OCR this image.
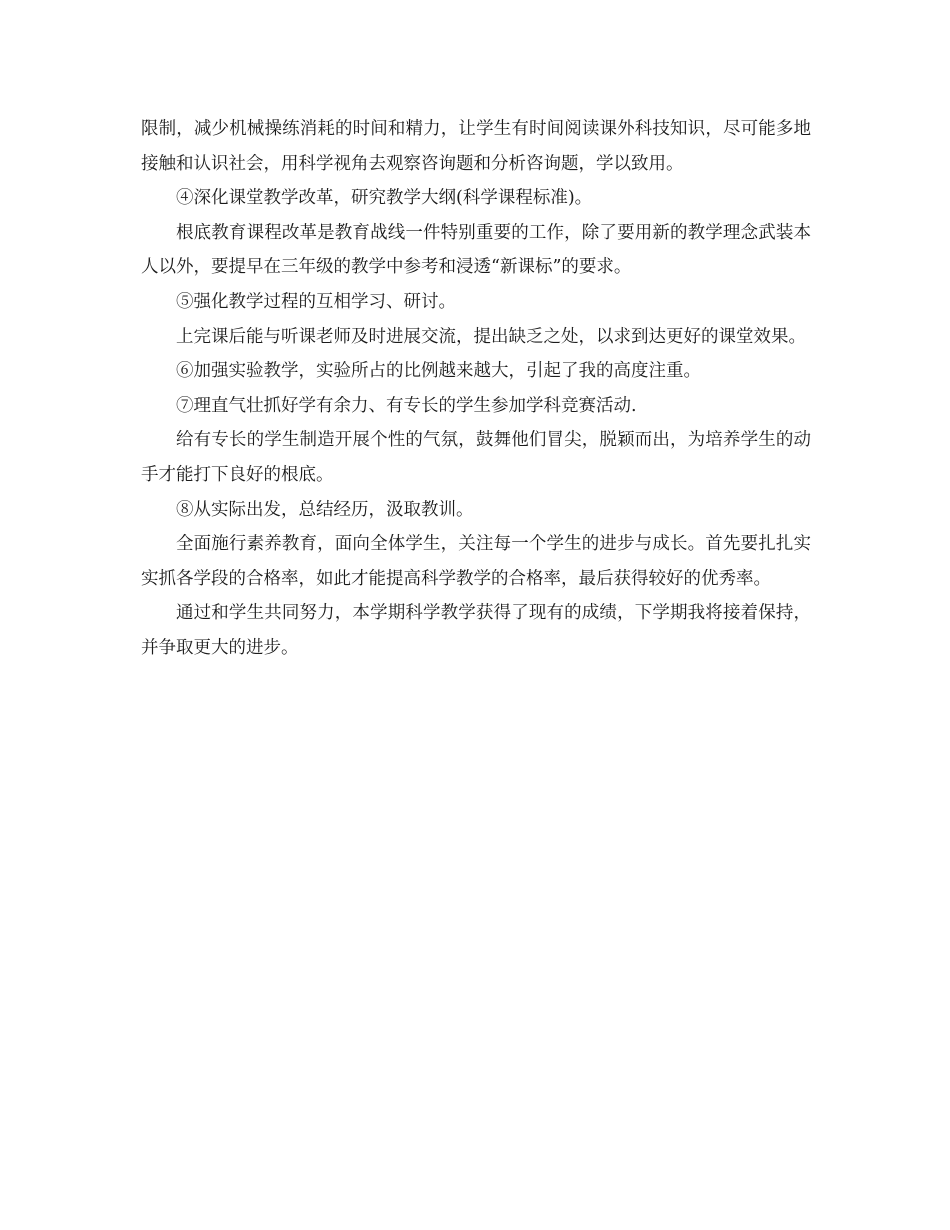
限制，减少机械操练消耗的时间和精力，让学生有时间阅读课外科技知识，尽可能多地接触和认识社会，用科学视角去观察咨询题和分析咨询题，学以致用。

④深化课堂教学改革，研究教学大纲(科学课程标准)。

根底教育课程改革是教育战线一件特别重要的工作，除了要用新的教学理念武装本人以外，要提早在三年级的教学中参考和浸透“新课标”的要求。

⑤强化教学过程的互相学习、研讨。

上完课后能与听课老师及时进展交流，提出缺乏之处，以求到达更好的课堂效果。

⑥加强实验教学，实验所占的比例越来越大，引起了我的高度注重。

⑦理直气壮抓好学有余力、有专长的学生参加学科竞赛活动.

给有专长的学生制造开展个性的气氛，鼓舞他们冒尖，脱颖而出，为培养学生的动手才能打下良好的根底。

⑧从实际出发，总结经历，汲取教训。

全面施行素养教育，面向全体学生，关注每一个学生的进步与成长。首先要扎扎实实抓各学段的合格率，如此才能提高科学教学的合格率，最后获得较好的优秀率。

通过和学生共同努力，本学期科学教学获得了现有的成绩，下学期我将接着保持，并争取更大的进步。
